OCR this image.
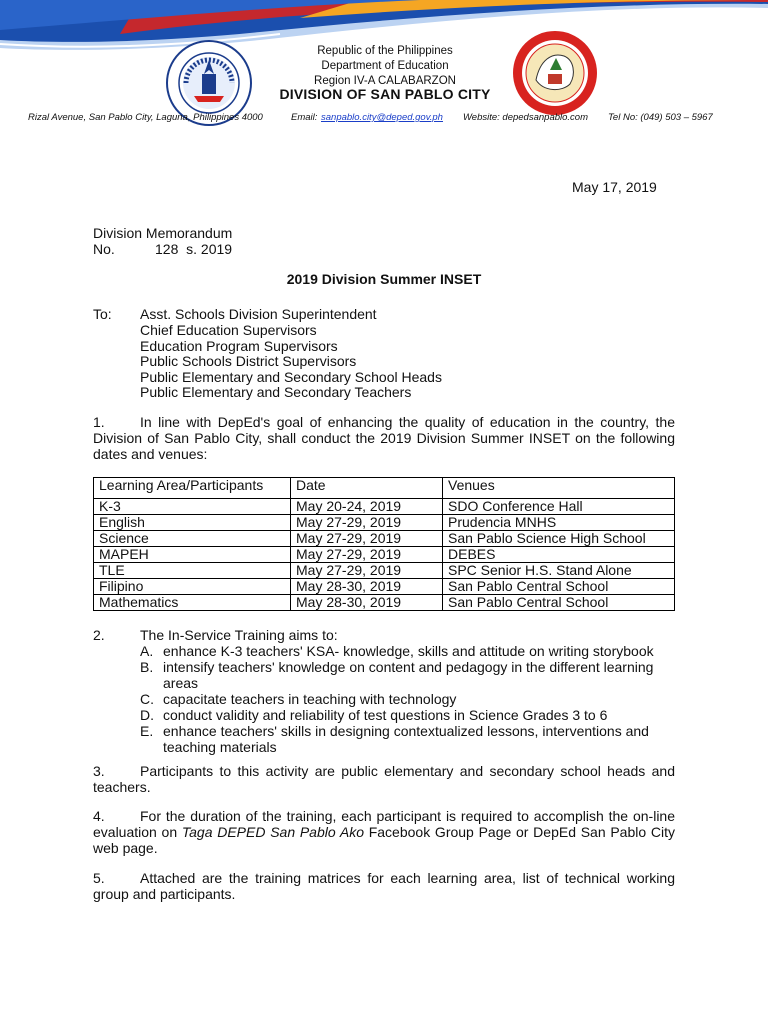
Republic of the Philippines
Department of Education
Region IV-A CALABARZON
DIVISION OF SAN PABLO CITY
Rizal Avenue, San Pablo City, Laguna, Philippines 4000	Email: sanpablo.city@deped.gov.ph Website: depedsanpablo.com Tel No: (049) 503 – 5967
May 17, 2019
Division Memorandum
No.	128  s. 2019
2019 Division Summer INSET
To: Asst. Schools Division Superintendent
Chief Education Supervisors
Education Program Supervisors
Public Schools District Supervisors
Public Elementary and Secondary School Heads
Public Elementary and Secondary Teachers
1.	In line with DepEd's goal of enhancing the quality of education in the country, the Division of San Pablo City, shall conduct the 2019 Division Summer INSET on the following dates and venues:
Learning Area/Participants	Date	Venues
K-3	May 20-24, 2019	SDO Conference Hall
English	May 27-29, 2019	Prudencia MNHS
Science	May 27-29, 2019	San Pablo Science High School
MAPEH	May 27-29, 2019	DEBES
TLE	May 27-29, 2019	SPC Senior H.S. Stand Alone
Filipino	May 28-30, 2019	San Pablo Central School
Mathematics	May 28-30, 2019	San Pablo Central School
2.	The In-Service Training aims to:
A. enhance K-3 teachers' KSA- knowledge, skills and attitude on writing storybook
B. intensify teachers' knowledge on content and pedagogy in the different learning areas
C. capacitate teachers in teaching with technology
D. conduct validity and reliability of test questions in Science Grades 3 to 6
E. enhance teachers' skills in designing contextualized lessons, interventions and teaching materials
3.	Participants to this activity are public elementary and secondary school heads and teachers.
4.	For the duration of the training, each participant is required to accomplish the on-line evaluation on Taga DEPED San Pablo Ako Facebook Group Page or DepEd San Pablo City web page.
5.	Attached are the training matrices for each learning area, list of technical working group and participants.
